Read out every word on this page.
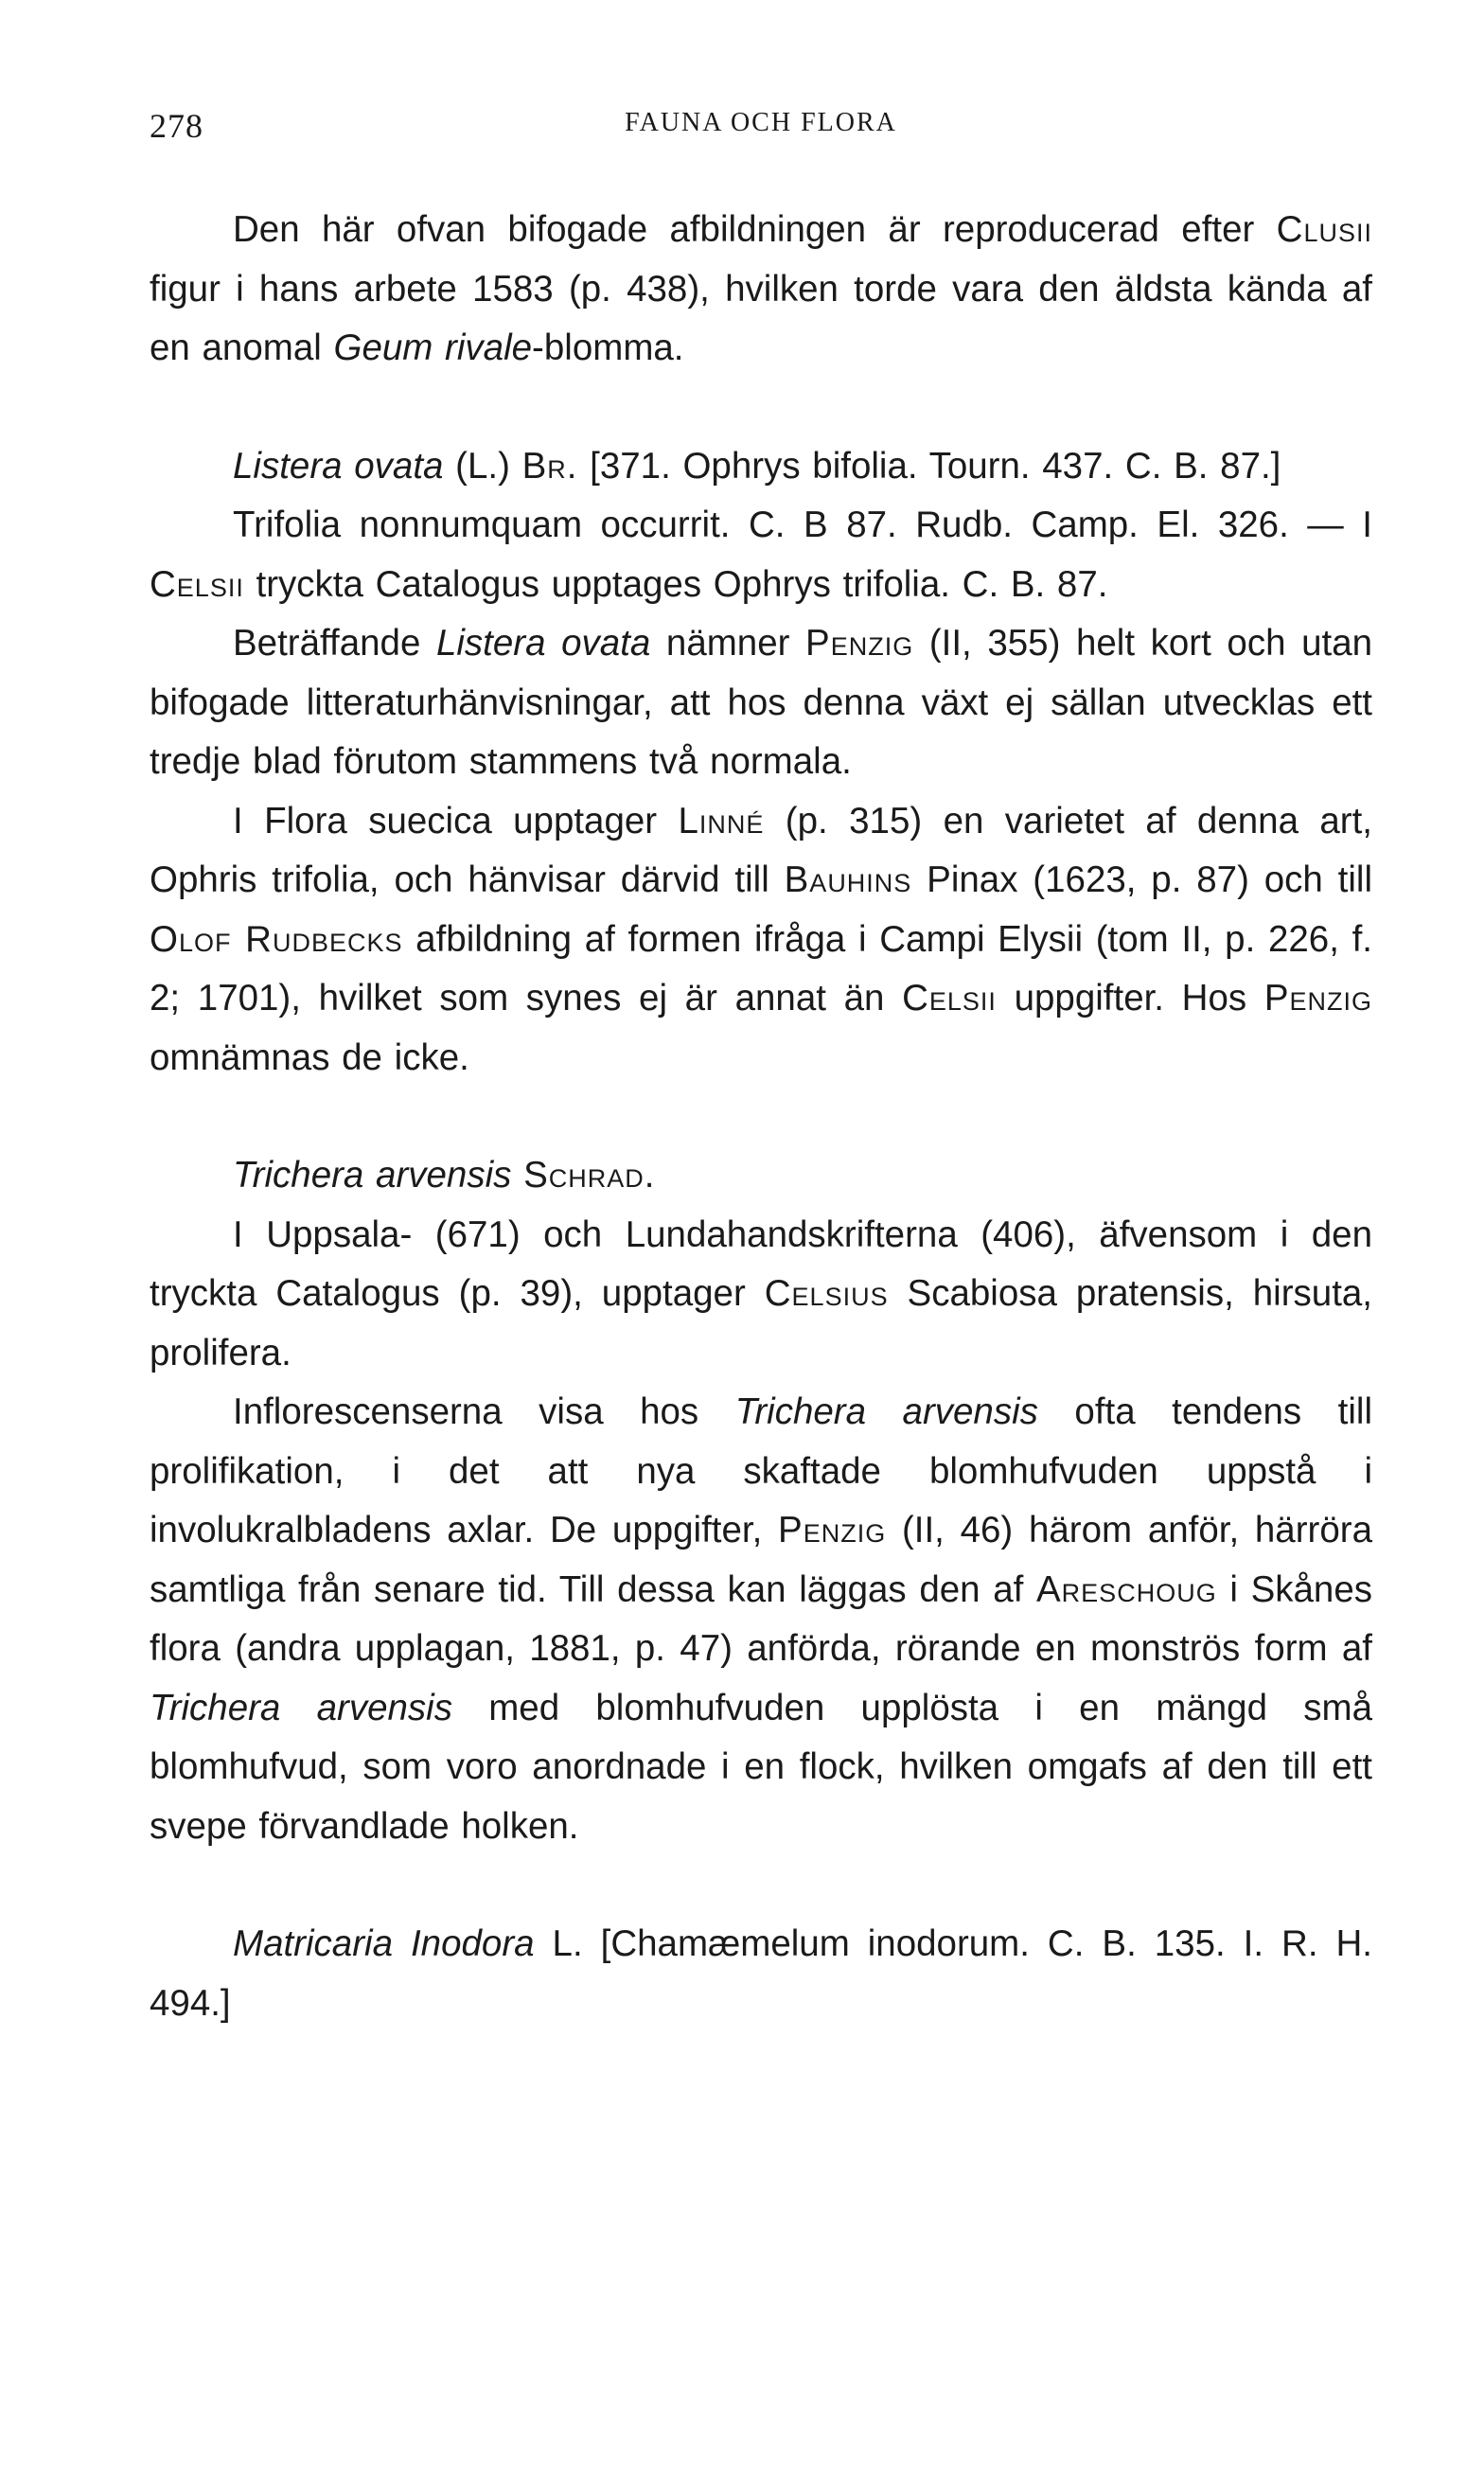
278	FAUNA OCH FLORA

Den här ofvan bifogade afbildningen är reproducerad efter Clusii figur i hans arbete 1583 (p. 438), hvilken torde vara den äldsta kända af en anomal Geum rivale-blomma.

Listera ovata (L.) Br. [371. Ophrys bifolia. Tourn. 437. C. B. 87.]

Trifolia nonnumquam occurrit. C. B 87. Rudb. Camp. El. 326. — I Celsii tryckta Catalogus upptages Ophrys trifolia. C. B. 87.

Beträffande Listera ovata nämner Penzig (II, 355) helt kort och utan bifogade litteraturhänvisningar, att hos denna växt ej sällan utvecklas ett tredje blad förutom stammens två normala.

I Flora suecica upptager Linné (p. 315) en varietet af denna art, Ophris trifolia, och hänvisar därvid till Bauhins Pinax (1623, p. 87) och till Olof Rudbecks afbildning af formen ifråga i Campi Elysii (tom II, p. 226, f. 2; 1701), hvilket som synes ej är annat än Celsii uppgifter. Hos Penzig omnämnas de icke.

Trichera arvensis Schrad.

I Uppsala- (671) och Lundahandskrifterna (406), äfvensom i den tryckta Catalogus (p. 39), upptager Celsius Scabiosa pratensis, hirsuta, prolifera.

Inflorescenserna visa hos Trichera arvensis ofta tendens till prolifikation, i det att nya skaftade blomhufvuden uppstå i involukralbladens axlar. De uppgifter, Penzig (II, 46) härom anför, härröra samtliga från senare tid. Till dessa kan läggas den af Areschoug i Skånes flora (andra upplagan, 1881, p. 47) anförda, rörande en monströs form af Trichera arvensis med blomhufvuden upplösta i en mängd små blomhufvud, som voro anordnade i en flock, hvilken omgafs af den till ett svepe förvandlade holken.

Matricaria Inodora L. [Chamæmelum inodorum. C. B. 135. I. R. H. 494.]
